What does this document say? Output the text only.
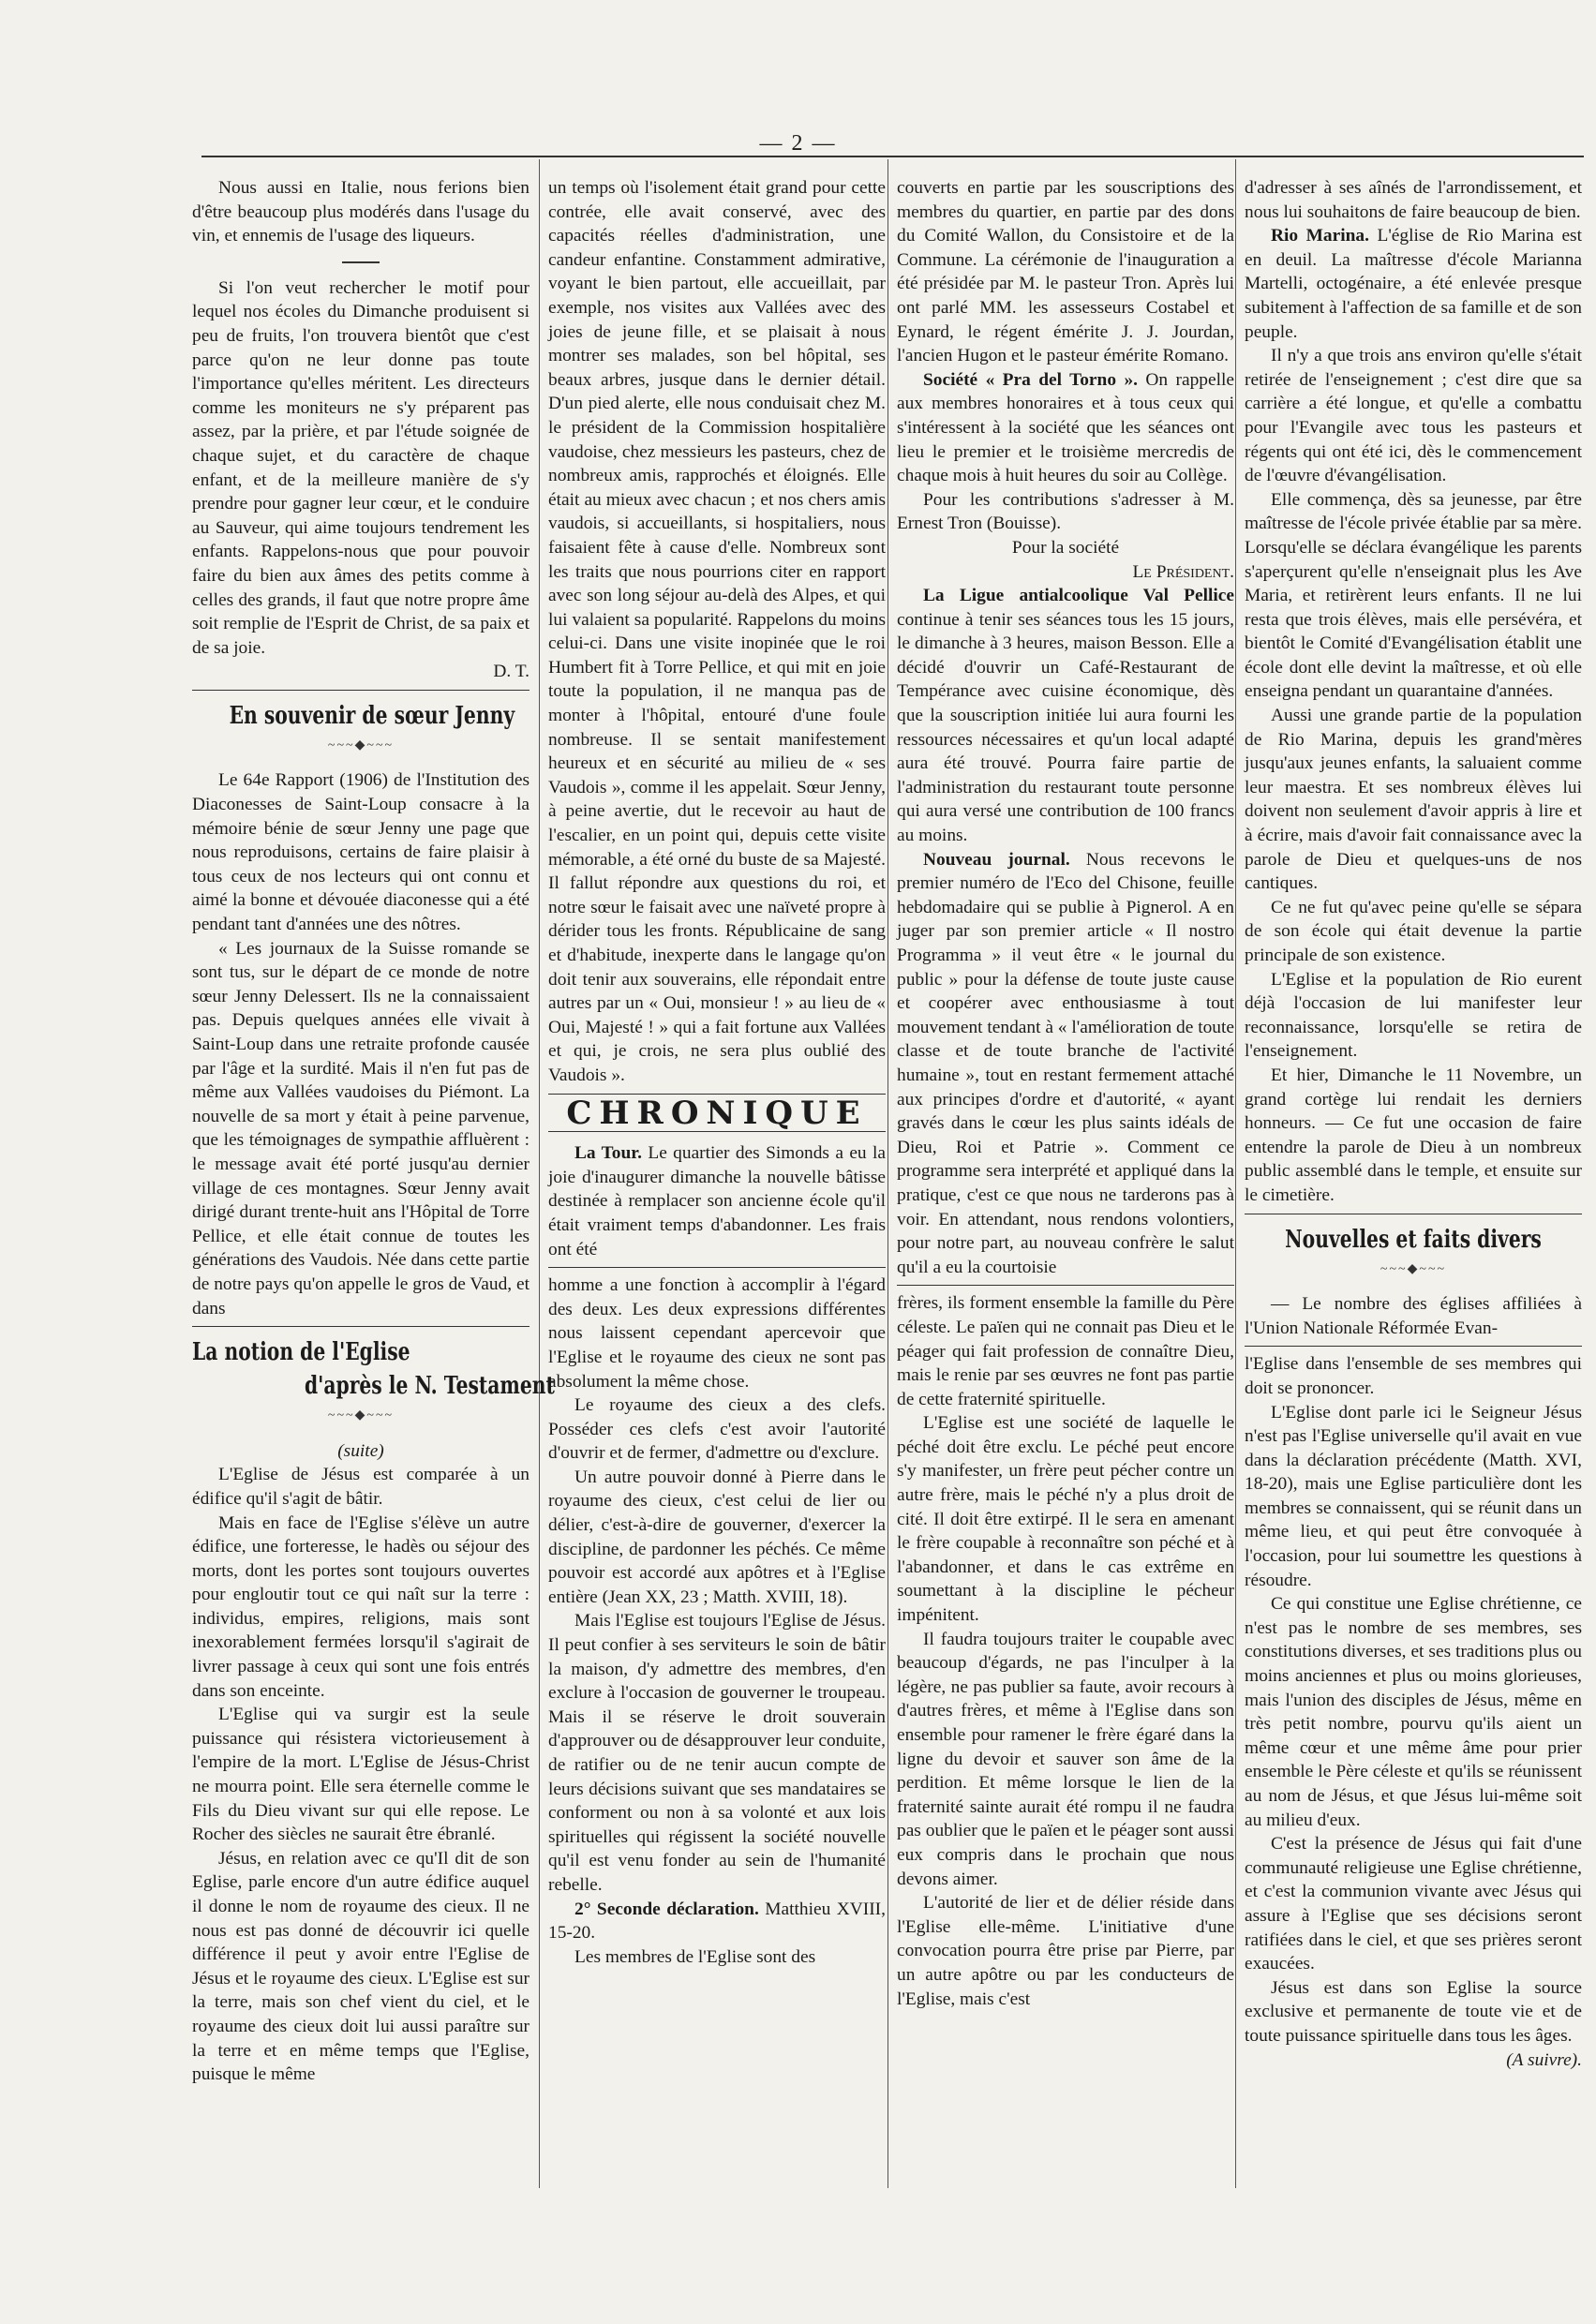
— 2 —

Nous aussi en Italie, nous ferions bien d'être beaucoup plus modérés dans l'usage du vin, et ennemis de l'usage des liqueurs.

Si l'on veut rechercher le motif pour lequel nos écoles du Dimanche produisent si peu de fruits, l'on trouvera bientôt que c'est parce qu'on ne leur donne pas toute l'importance qu'elles méritent. Les directeurs comme les moniteurs ne s'y préparent pas assez, par la prière, et par l'étude soignée de chaque sujet, et du caractère de chaque enfant, et de la meilleure manière de s'y prendre pour gagner leur cœur, et le conduire au Sauveur, qui aime toujours tendrement les enfants. Rappelons-nous que pour pouvoir faire du bien aux âmes des petits comme à celles des grands, il faut que notre propre âme soit remplie de l'Esprit de Christ, de sa paix et de sa joie.

D. T.

En souvenir de sœur Jenny
~~~◆~~~

Le 64e Rapport (1906) de l'Institution des Diaconesses de Saint-Loup consacre à la mémoire bénie de sœur Jenny une page que nous reproduisons, certains de faire plaisir à tous ceux de nos lecteurs qui ont connu et aimé la bonne et dévouée diaconesse qui a été pendant tant d'années une des nôtres.

« Les journaux de la Suisse romande se sont tus, sur le départ de ce monde de notre sœur Jenny Delessert. Ils ne la connaissaient pas. Depuis quelques années elle vivait à Saint-Loup dans une retraite profonde causée par l'âge et la surdité. Mais il n'en fut pas de même aux Vallées vaudoises du Piémont. La nouvelle de sa mort y était à peine parvenue, que les témoignages de sympathie affluèrent : le message avait été porté jusqu'au dernier village de ces montagnes. Sœur Jenny avait dirigé durant trente-huit ans l'Hôpital de Torre Pellice, et elle était connue de toutes les générations des Vaudois. Née dans cette partie de notre pays qu'on appelle le gros de Vaud, et dans

La notion de l'Eglise
d'après le N. Testament
~~~◆~~~

(suite)

L'Eglise de Jésus est comparée à un édifice qu'il s'agit de bâtir.

Mais en face de l'Eglise s'élève un autre édifice, une forteresse, le hadès ou séjour des morts, dont les portes sont toujours ouvertes pour engloutir tout ce qui naît sur la terre : individus, empires, religions, mais sont inexorablement fermées lorsqu'il s'agirait de livrer passage à ceux qui sont une fois entrés dans son enceinte.

L'Eglise qui va surgir est la seule puissance qui résistera victorieusement à l'empire de la mort. L'Eglise de Jésus-Christ ne mourra point. Elle sera éternelle comme le Fils du Dieu vivant sur qui elle repose. Le Rocher des siècles ne saurait être ébranlé.

Jésus, en relation avec ce qu'Il dit de son Eglise, parle encore d'un autre édifice auquel il donne le nom de royaume des cieux. Il ne nous est pas donné de découvrir ici quelle différence il peut y avoir entre l'Eglise de Jésus et le royaume des cieux. L'Eglise est sur la terre, mais son chef vient du ciel, et le royaume des cieux doit lui aussi paraître sur la terre et en même temps que l'Eglise, puisque le même

un temps où l'isolement était grand pour cette contrée, elle avait conservé, avec des capacités réelles d'administration, une candeur enfantine. Constamment admirative, voyant le bien partout, elle accueillait, par exemple, nos visites aux Vallées avec des joies de jeune fille, et se plaisait à nous montrer ses malades, son bel hôpital, ses beaux arbres, jusque dans le dernier détail. D'un pied alerte, elle nous conduisait chez M. le président de la Commission hospitalière vaudoise, chez messieurs les pasteurs, chez de nombreux amis, rapprochés et éloignés. Elle était au mieux avec chacun ; et nos chers amis vaudois, si accueillants, si hospitaliers, nous faisaient fête à cause d'elle. Nombreux sont les traits que nous pourrions citer en rapport avec son long séjour au-delà des Alpes, et qui lui valaient sa popularité. Rappelons du moins celui-ci. Dans une visite inopinée que le roi Humbert fit à Torre Pellice, et qui mit en joie toute la population, il ne manqua pas de monter à l'hôpital, entouré d'une foule nombreuse. Il se sentait manifestement heureux et en sécurité au milieu de « ses Vaudois », comme il les appelait. Sœur Jenny, à peine avertie, dut le recevoir au haut de l'escalier, en un point qui, depuis cette visite mémorable, a été orné du buste de sa Majesté. Il fallut répondre aux questions du roi, et notre sœur le faisait avec une naïveté propre à dérider tous les fronts. Républicaine de sang et d'habitude, inexperte dans le langage qu'on doit tenir aux souverains, elle répondait entre autres par un « Oui, monsieur ! » au lieu de « Oui, Majesté ! » qui a fait fortune aux Vallées et qui, je crois, ne sera plus oublié des Vaudois ».

CHRONIQUE

La Tour. Le quartier des Simonds a eu la joie d'inaugurer dimanche la nouvelle bâtisse destinée à remplacer son ancienne école qu'il était vraiment temps d'abandonner. Les frais ont été

homme a une fonction à accomplir à l'égard des deux. Les deux expressions différentes nous laissent cependant apercevoir que l'Eglise et le royaume des cieux ne sont pas absolument la même chose.

Le royaume des cieux a des clefs. Posséder ces clefs c'est avoir l'autorité d'ouvrir et de fermer, d'admettre ou d'exclure.

Un autre pouvoir donné à Pierre dans le royaume des cieux, c'est celui de lier ou délier, c'est-à-dire de gouverner, d'exercer la discipline, de pardonner les péchés. Ce même pouvoir est accordé aux apôtres et à l'Eglise entière (Jean XX, 23 ; Matth. XVIII, 18).

Mais l'Eglise est toujours l'Eglise de Jésus. Il peut confier à ses serviteurs le soin de bâtir la maison, d'y admettre des membres, d'en exclure à l'occasion de gouverner le troupeau. Mais il se réserve le droit souverain d'approuver ou de désapprouver leur conduite, de ratifier ou de ne tenir aucun compte de leurs décisions suivant que ses mandataires se conforment ou non à sa volonté et aux lois spirituelles qui régissent la société nouvelle qu'il est venu fonder au sein de l'humanité rebelle.

2° Seconde déclaration. Matthieu XVIII, 15-20.

Les membres de l'Eglise sont des

couverts en partie par les souscriptions des membres du quartier, en partie par des dons du Comité Wallon, du Consistoire et de la Commune. La cérémonie de l'inauguration a été présidée par M. le pasteur Tron. Après lui ont parlé MM. les assesseurs Costabel et Eynard, le régent émérite J. J. Jourdan, l'ancien Hugon et le pasteur émérite Romano.

Société « Pra del Torno ». On rappelle aux membres honoraires et à tous ceux qui s'intéressent à la société que les séances ont lieu le premier et le troisième mercredis de chaque mois à huit heures du soir au Collège.

Pour les contributions s'adresser à M. Ernest Tron (Bouisse).

Pour la société

Le Président.

La Ligue antialcoolique Val Pellice continue à tenir ses séances tous les 15 jours, le dimanche à 3 heures, maison Besson. Elle a décidé d'ouvrir un Café-Restaurant de Tempérance avec cuisine économique, dès que la souscription initiée lui aura fourni les ressources nécessaires et qu'un local adapté aura été trouvé. Pourra faire partie de l'administration du restaurant toute personne qui aura versé une contribution de 100 francs au moins.

Nouveau journal. Nous recevons le premier numéro de l'Eco del Chisone, feuille hebdomadaire qui se publie à Pignerol. A en juger par son premier article « Il nostro Programma » il veut être « le journal du public » pour la défense de toute juste cause et coopérer avec enthousiasme à tout mouvement tendant à « l'amélioration de toute classe et de toute branche de l'activité humaine », tout en restant fermement attaché aux principes d'ordre et d'autorité, « ayant gravés dans le cœur les plus saints idéals de Dieu, Roi et Patrie ». Comment ce programme sera interprété et appliqué dans la pratique, c'est ce que nous ne tarderons pas à voir. En attendant, nous rendons volontiers, pour notre part, au nouveau confrère le salut qu'il a eu la courtoisie

frères, ils forment ensemble la famille du Père céleste. Le païen qui ne connait pas Dieu et le péager qui fait profession de connaître Dieu, mais le renie par ses œuvres ne font pas partie de cette fraternité spirituelle.

L'Eglise est une société de laquelle le péché doit être exclu. Le péché peut encore s'y manifester, un frère peut pécher contre un autre frère, mais le péché n'y a plus droit de cité. Il doit être extirpé. Il le sera en amenant le frère coupable à reconnaître son péché et à l'abandonner, et dans le cas extrême en soumettant à la discipline le pécheur impénitent.

Il faudra toujours traiter le coupable avec beaucoup d'égards, ne pas l'inculper à la légère, ne pas publier sa faute, avoir recours à d'autres frères, et même à l'Eglise dans son ensemble pour ramener le frère égaré dans la ligne du devoir et sauver son âme de la perdition. Et même lorsque le lien de la fraternité sainte aurait été rompu il ne faudra pas oublier que le païen et le péager sont aussi eux compris dans le prochain que nous devons aimer.

L'autorité de lier et de délier réside dans l'Eglise elle-même. L'initiative d'une convocation pourra être prise par Pierre, par un autre apôtre ou par les conducteurs de l'Eglise, mais c'est

d'adresser à ses aînés de l'arrondissement, et nous lui souhaitons de faire beaucoup de bien.

Rio Marina. L'église de Rio Marina est en deuil. La maîtresse d'école Marianna Martelli, octogénaire, a été enlevée presque subitement à l'affection de sa famille et de son peuple.

Il n'y a que trois ans environ qu'elle s'était retirée de l'enseignement ; c'est dire que sa carrière a été longue, et qu'elle a combattu pour l'Evangile avec tous les pasteurs et régents qui ont été ici, dès le commencement de l'œuvre d'évangélisation.

Elle commença, dès sa jeunesse, par être maîtresse de l'école privée établie par sa mère. Lorsqu'elle se déclara évangélique les parents s'aperçurent qu'elle n'enseignait plus les Ave Maria, et retirèrent leurs enfants. Il ne lui resta que trois élèves, mais elle persévéra, et bientôt le Comité d'Evangélisation établit une école dont elle devint la maîtresse, et où elle enseigna pendant un quarantaine d'années.

Aussi une grande partie de la population de Rio Marina, depuis les grand'mères jusqu'aux jeunes enfants, la saluaient comme leur maestra. Et ses nombreux élèves lui doivent non seulement d'avoir appris à lire et à écrire, mais d'avoir fait connaissance avec la parole de Dieu et quelques-uns de nos cantiques.

Ce ne fut qu'avec peine qu'elle se sépara de son école qui était devenue la partie principale de son existence.

L'Eglise et la population de Rio eurent déjà l'occasion de lui manifester leur reconnaissance, lorsqu'elle se retira de l'enseignement.

Et hier, Dimanche le 11 Novembre, un grand cortège lui rendait les derniers honneurs. — Ce fut une occasion de faire entendre la parole de Dieu à un nombreux public assemblé dans le temple, et ensuite sur le cimetière.

Nouvelles et faits divers
~~~◆~~~

— Le nombre des églises affiliées à l'Union Nationale Réformée Evan-

l'Eglise dans l'ensemble de ses membres qui doit se prononcer.

L'Eglise dont parle ici le Seigneur Jésus n'est pas l'Eglise universelle qu'il avait en vue dans la déclaration précédente (Matth. XVI, 18-20), mais une Eglise particulière dont les membres se connaissent, qui se réunit dans un même lieu, et qui peut être convoquée à l'occasion, pour lui soumettre les questions à résoudre.

Ce qui constitue une Eglise chrétienne, ce n'est pas le nombre de ses membres, ses constitutions diverses, et ses traditions plus ou moins anciennes et plus ou moins glorieuses, mais l'union des disciples de Jésus, même en très petit nombre, pourvu qu'ils aient un même cœur et une même âme pour prier ensemble le Père céleste et qu'ils se réunissent au nom de Jésus, et que Jésus lui-même soit au milieu d'eux.

C'est la présence de Jésus qui fait d'une communauté religieuse une Eglise chrétienne, et c'est la communion vivante avec Jésus qui assure à l'Eglise que ses décisions seront ratifiées dans le ciel, et que ses prières seront exaucées.

Jésus est dans son Eglise la source exclusive et permanente de toute vie et de toute puissance spirituelle dans tous les âges.

(A suivre).
